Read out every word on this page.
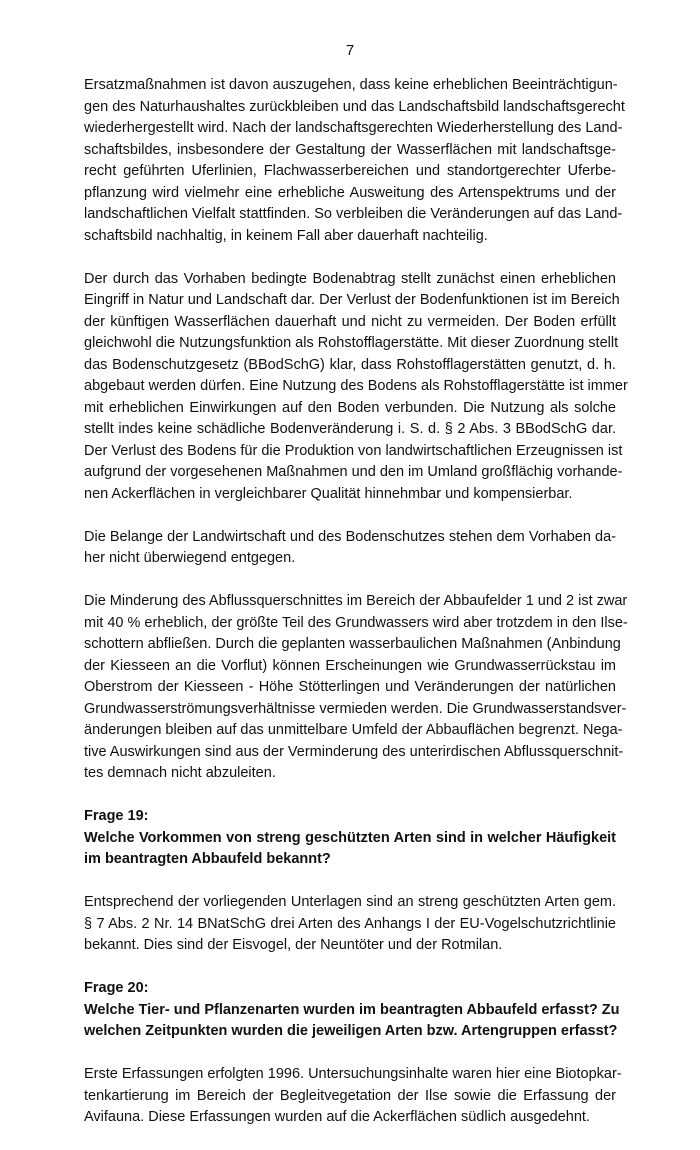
7
Ersatzmaßnahmen ist davon auszugehen, dass keine erheblichen Beeinträchtigun-
gen des Naturhaushaltes zurückbleiben und das Landschaftsbild landschaftsgerecht
wiederhergestellt wird. Nach der landschaftsgerechten Wiederherstellung des Land-
schaftsbildes, insbesondere der Gestaltung der Wasserflächen mit landschaftsge-
recht geführten Uferlinien, Flachwasserbereichen und standortgerechter Uferbe-
pflanzung wird vielmehr eine erhebliche Ausweitung des Artenspektrums und der
landschaftlichen Vielfalt stattfinden. So verbleiben die Veränderungen auf das Land-
schaftsbild nachhaltig, in keinem Fall aber dauerhaft nachteilig.
Der durch das Vorhaben bedingte Bodenabtrag stellt zunächst einen erheblichen
Eingriff in Natur und Landschaft dar. Der Verlust der Bodenfunktionen ist im Bereich
der künftigen Wasserflächen dauerhaft und nicht zu vermeiden. Der Boden erfüllt
gleichwohl die Nutzungsfunktion als Rohstofflagerstätte. Mit dieser Zuordnung stellt
das Bodenschutzgesetz (BBodSchG) klar, dass Rohstofflagerstätten genutzt, d. h.
abgebaut werden dürfen. Eine Nutzung des Bodens als Rohstofflagerstätte ist immer
mit erheblichen Einwirkungen auf den Boden verbunden. Die Nutzung als solche
stellt indes keine schädliche Bodenveränderung i. S. d. § 2 Abs. 3 BBodSchG dar.
Der Verlust des Bodens für die Produktion von landwirtschaftlichen Erzeugnissen ist
aufgrund der vorgesehenen Maßnahmen und den im Umland großflächig vorhande-
nen Ackerflächen in vergleichbarer Qualität hinnehmbar und kompensierbar.
Die Belange der Landwirtschaft und des Bodenschutzes stehen dem Vorhaben da-
her nicht überwiegend entgegen.
Die Minderung des Abflussquerschnittes im Bereich der Abbaufelder 1 und 2 ist zwar
mit 40 % erheblich, der größte Teil des Grundwassers wird aber trotzdem in den Ilse-
schottern abfließen. Durch die geplanten wasserbaulichen Maßnahmen (Anbindung
der Kiesseen an die Vorflut) können Erscheinungen wie Grundwasserrückstau im
Oberstrom der Kiesseen - Höhe Stötterlingen und Veränderungen der natürlichen
Grundwasserströmungsverhältnisse vermieden werden. Die Grundwasserstandsver-
änderungen bleiben auf das unmittelbare Umfeld der Abbauflächen begrenzt. Nega-
tive Auswirkungen sind aus der Verminderung des unterirdischen Abflussquerschnit-
tes demnach nicht abzuleiten.
Frage 19:
Welche Vorkommen von streng geschützten Arten sind in welcher Häufigkeit
im beantragten Abbaufeld bekannt?
Entsprechend der vorliegenden Unterlagen sind an streng geschützten Arten gem.
§ 7 Abs. 2 Nr. 14 BNatSchG drei Arten des Anhangs I der EU-Vogelschutzrichtlinie
bekannt. Dies sind der Eisvogel, der Neuntöter und der Rotmilan.
Frage 20:
Welche Tier- und Pflanzenarten wurden im beantragten Abbaufeld erfasst? Zu
welchen Zeitpunkten wurden die jeweiligen Arten bzw. Artengruppen erfasst?
Erste Erfassungen erfolgten 1996. Untersuchungsinhalte waren hier eine Biotopkar-
tenkartierung im Bereich der Begleitvegetation der Ilse sowie die Erfassung der
Avifauna. Diese Erfassungen wurden auf die Ackerflächen südlich ausgedehnt.
